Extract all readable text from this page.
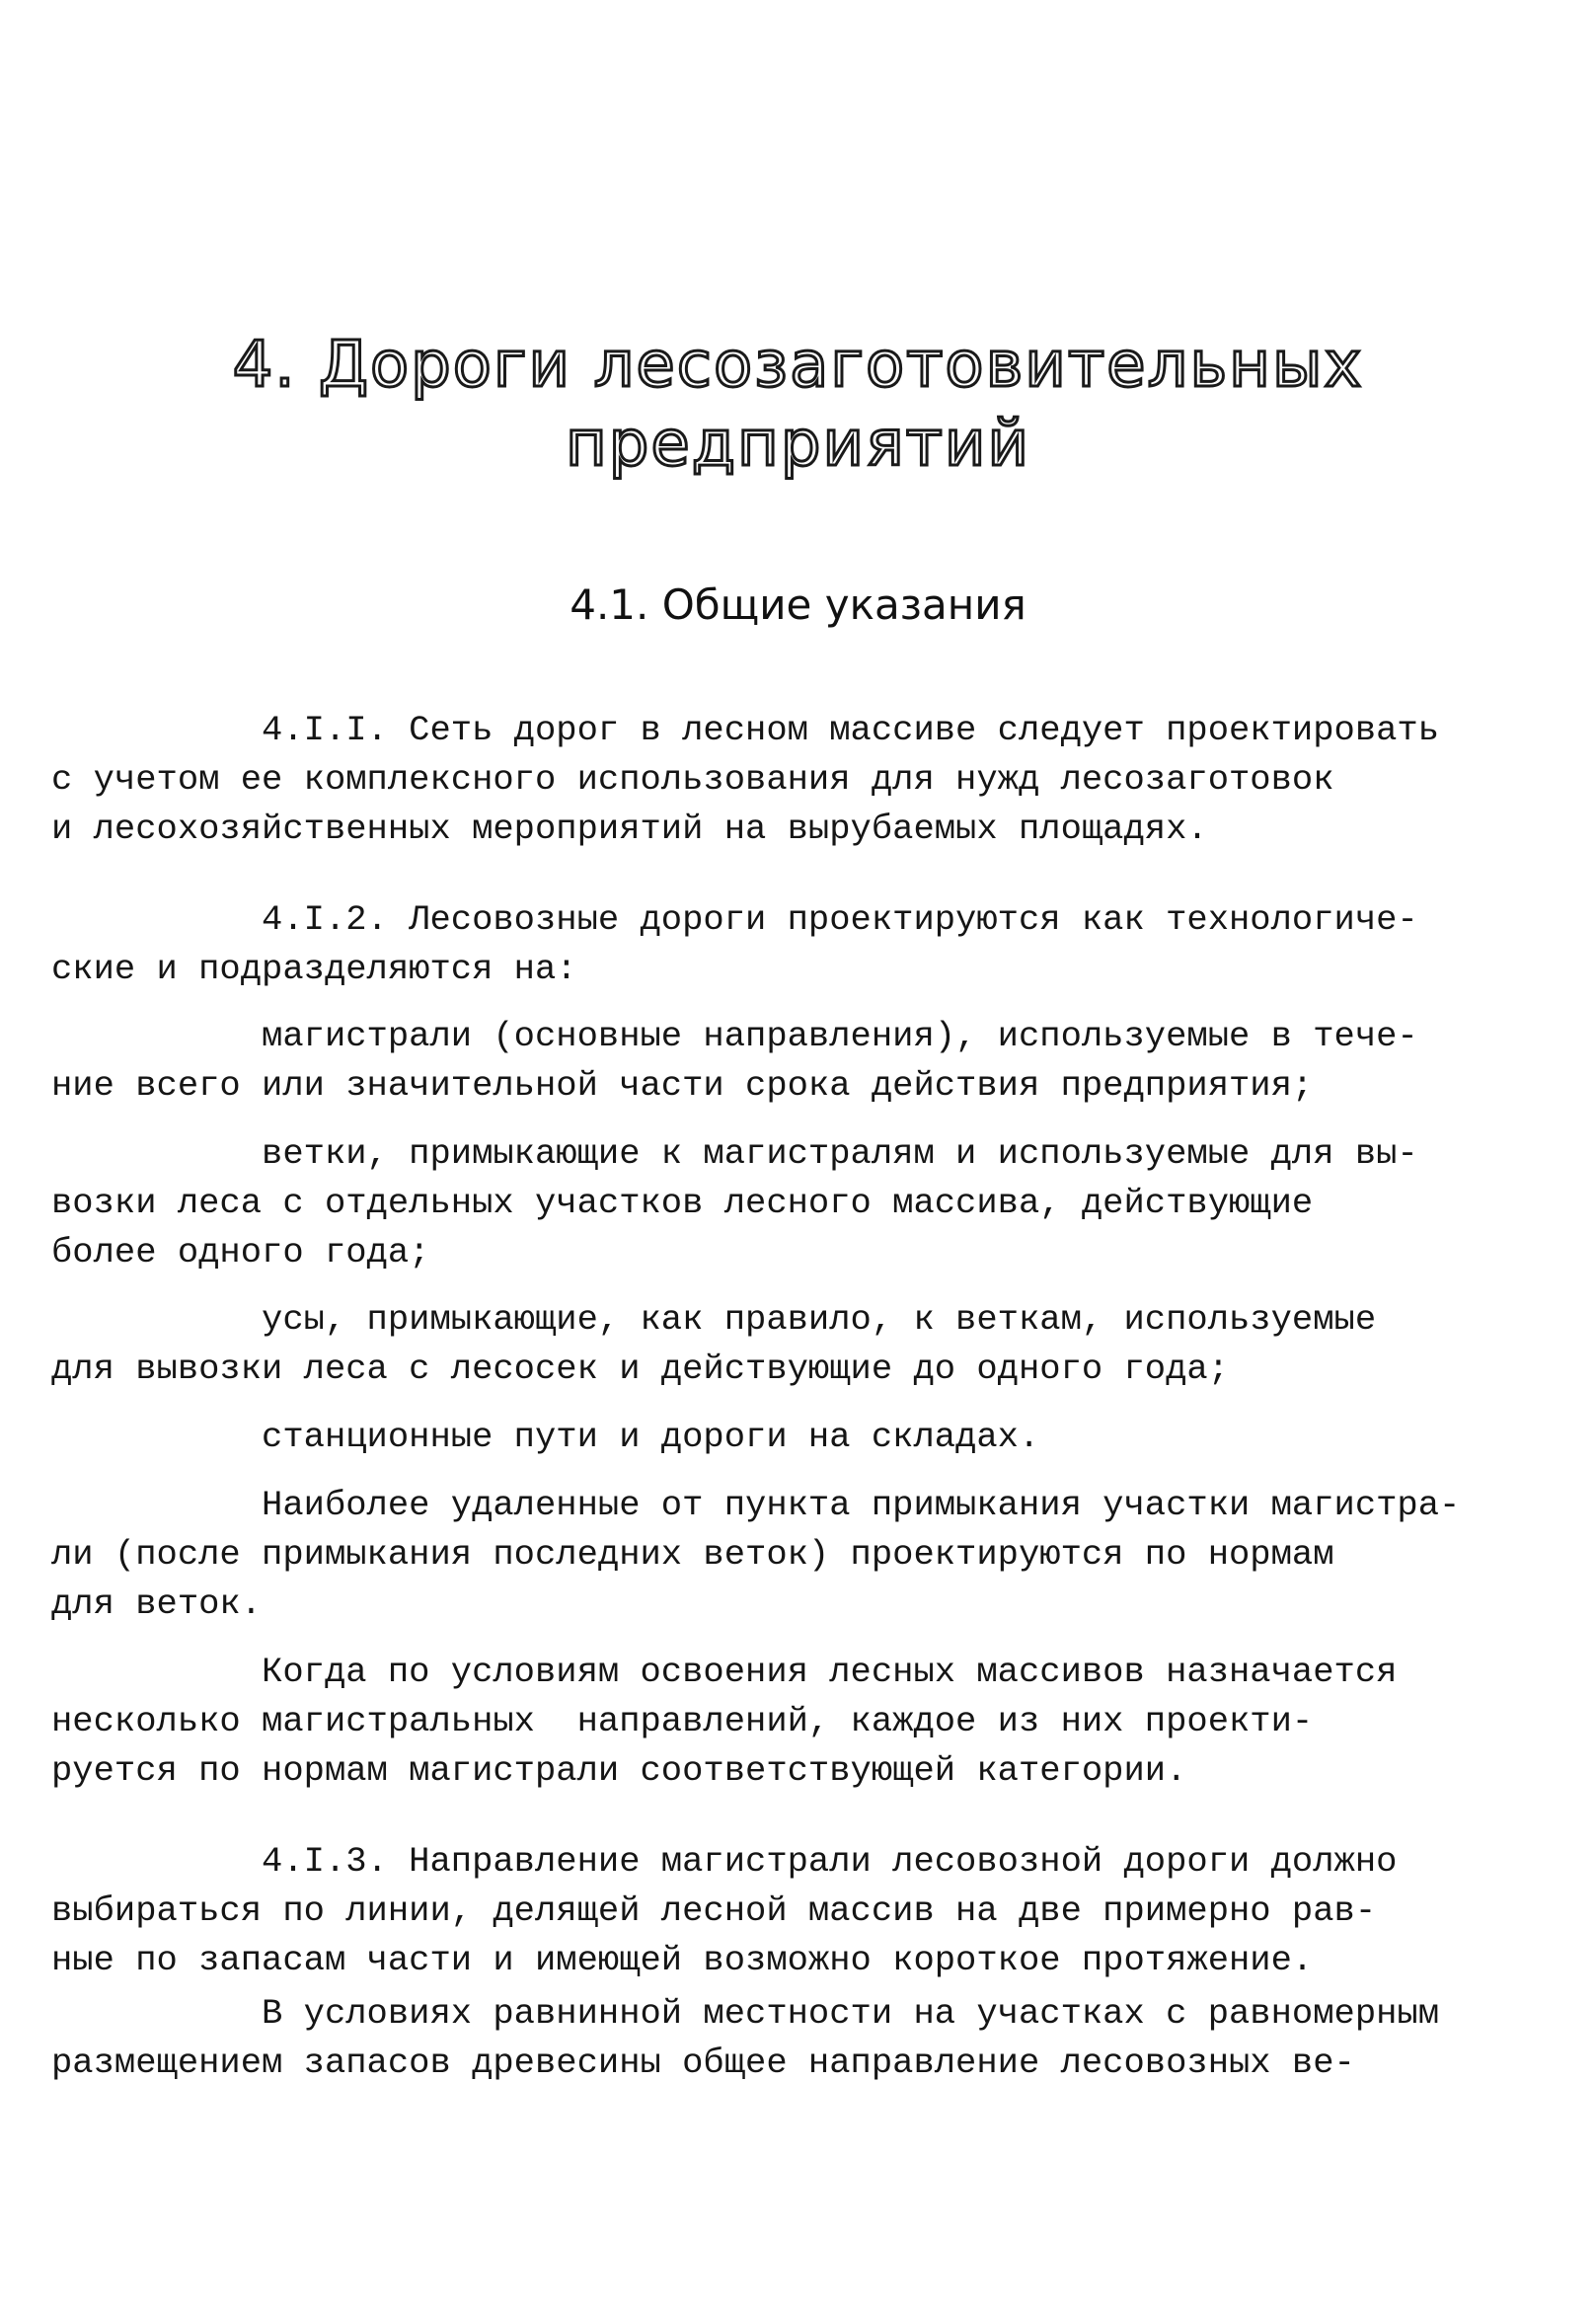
4. Дороги лесозаготовительных
предприятий
4.1. Общие указания
4.I.I. Сеть дорог в лесном массиве следует проектировать
с учетом ее комплексного использования для нужд лесозаготовок
и лесохозяйственных мероприятий на вырубаемых площадях.
4.I.2. Лесовозные дороги проектируются как технологиче-
ские и подразделяются на:
магистрали (основные направления), используемые в тече-
ние всего или значительной части срока действия предприятия;
ветки, примыкающие к магистралям и используемые для вы-
возки леса с отдельных участков лесного массива, действующие
более одного года;
усы, примыкающие, как правило, к веткам, используемые
для вывозки леса с лесосек и действующие до одного года;
станционные пути и дороги на складах.
Наиболее удаленные от пункта примыкания участки магистра-
ли (после примыкания последних веток) проектируются по нормам
для веток.
Когда по условиям освоения лесных массивов назначается
несколько магистральных  направлений, каждое из них проекти-
руется по нормам магистрали соответствующей категории.
4.I.3. Направление магистрали лесовозной дороги должно
выбираться по линии, делящей лесной массив на две примерно рав-
ные по запасам части и имеющей возможно короткое протяжение.
В условиях равнинной местности на участках с равномерным
размещением запасов древесины общее направление лесовозных ве-
